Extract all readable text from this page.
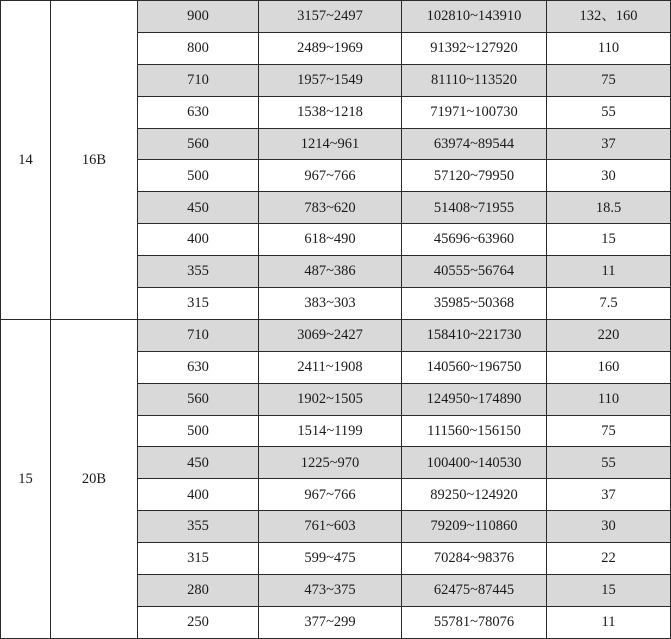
14	16B	900	3157~2497	102810~143910	132、160
		800	2489~1969	91392~127920	110
		710	1957~1549	81110~113520	75
		630	1538~1218	71971~100730	55
		560	1214~961	63974~89544	37
		500	967~766	57120~79950	30
		450	783~620	51408~71955	18.5
		400	618~490	45696~63960	15
		355	487~386	40555~56764	11
		315	383~303	35985~50368	7.5
15	20B	710	3069~2427	158410~221730	220
		630	2411~1908	140560~196750	160
		560	1902~1505	124950~174890	110
		500	1514~1199	111560~156150	75
		450	1225~970	100400~140530	55
		400	967~766	89250~124920	37
		355	761~603	79209~110860	30
		315	599~475	70284~98376	22
		280	473~375	62475~87445	15
		250	377~299	55781~78076	11
